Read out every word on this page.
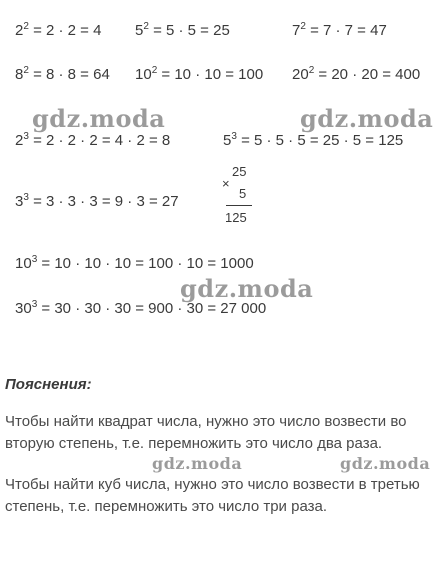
$2^2 = 2 \cdot 2 = 4$ $5^2 = 5 \cdot 5 = 25$	$7^2 = 7 \cdot 7 = 47$
$8^2 = 8 \cdot 8 = 64$ $10^2 = 10 \cdot 10 = 100$ $20^2 = 20 \cdot 20 = 400$
gdz.moda	gdz.moda
$2^3 = 2 \cdot 2 \cdot 2 = 4 \cdot 2 = 8$	$5^3 = 5 \cdot 5 \cdot 5 = 25 \cdot 5 = 125$
×
25
5
125
$3^3 = 3 \cdot 3 \cdot 3 = 9 \cdot 3 = 27$
$10^3 = 10 \cdot 10 \cdot 10 = 100 \cdot 10 = 1000$
gdz.moda
$30^3 = 30 \cdot 30 \cdot 30 = 900 \cdot 30 = 27$ 000
Пояснения:
Чтобы найти квадрат числа, нужно это число возвести во вторую степень, т.е. перемножить это число два раза.
gdz.moda	gdz.moda
Чтобы найти куб числа, нужно это число возвести в третью степень, т.е. перемножить это число три раза.
